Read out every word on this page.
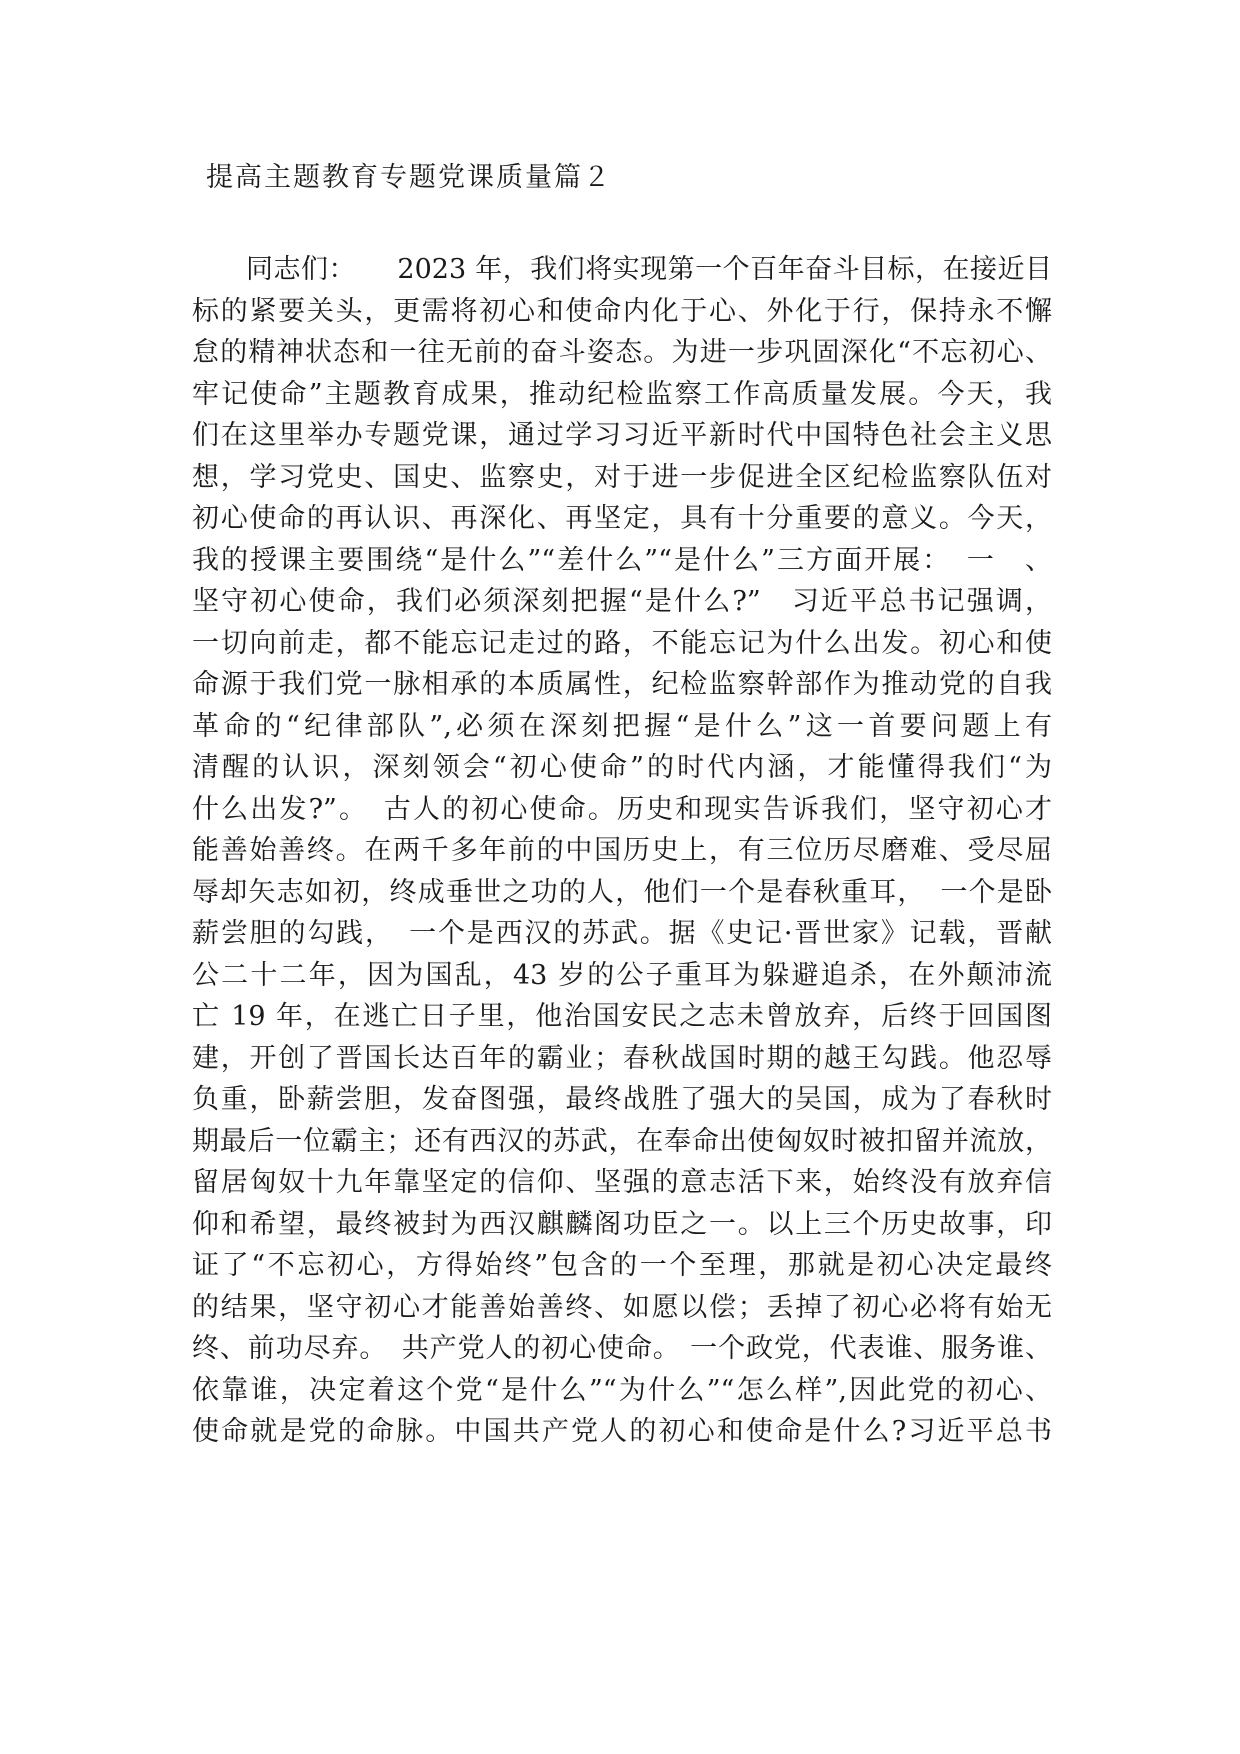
提高主题教育专题党课质量篇２
同志们：　　2023 年，我们将实现第一个百年奋斗目标，在接近目
标的紧要关头，更需将初心和使命内化于心、外化于行，保持永不懈
怠的精神状态和一往无前的奋斗姿态。为进一步巩固深化“不忘初心、
牢记使命”主题教育成果，推动纪检监察工作高质量发展。今天，我
们在这里举办专题党课，通过学习习近平新时代中国特色社会主义思
想，学习党史、国史、监察史，对于进一步促进全区纪检监察队伍对
初心使命的再认识、再深化、再坚定，具有十分重要的意义。今天，
我的授课主要围绕“是什么”“差什么”“是什么”三方面开展：　一　、
坚守初心使命，我们必须深刻把握“是什么?”　习近平总书记强调，
一切向前走，都不能忘记走过的路，不能忘记为什么出发。初心和使
命源于我们党一脉相承的本质属性，纪检监察幹部作为推动党的自我
革命的“纪律部队”,必须在深刻把握“是什么”这一首要问题上有
清醒的认识，深刻领会“初心使命”的时代内涵，才能懂得我们“为
什么出发?”。　古人的初心使命。历史和现实告诉我们，坚守初心才
能善始善终。在两千多年前的中国历史上，有三位历尽磨难、受尽屈
辱却矢志如初，终成垂世之功的人，他们一个是春秋重耳，　一个是卧
薪尝胆的勾践，　一个是西汉的苏武。据《史记·晋世家》记载，晋献
公二十二年，因为国乱，43 岁的公子重耳为躲避追杀，在外颠沛流
亡 19 年，在逃亡日子里，他治国安民之志未曾放弃，后终于回国图
建，开创了晋国长达百年的霸业；春秋战国时期的越王勾践。他忍辱
负重，卧薪尝胆，发奋图强，最终战胜了强大的吴国，成为了春秋时
期最后一位霸主；还有西汉的苏武，在奉命出使匈奴时被扣留并流放，
留居匈奴十九年靠坚定的信仰、坚强的意志活下来，始终没有放弃信
仰和希望，最终被封为西汉麒麟阁功臣之一。以上三个历史故事，印
证了“不忘初心，方得始终”包含的一个至理，那就是初心决定最终
的结果，坚守初心才能善始善终、如愿以偿；丢掉了初心必将有始无
终、前功尽弃。　共产党人的初心使命。 一个政党，代表谁、服务谁、
依靠谁，决定着这个党“是什么”“为什么”“怎么样”,因此党的初心、
使命就是党的命脉。中国共产党人的初心和使命是什么?习近平总书
